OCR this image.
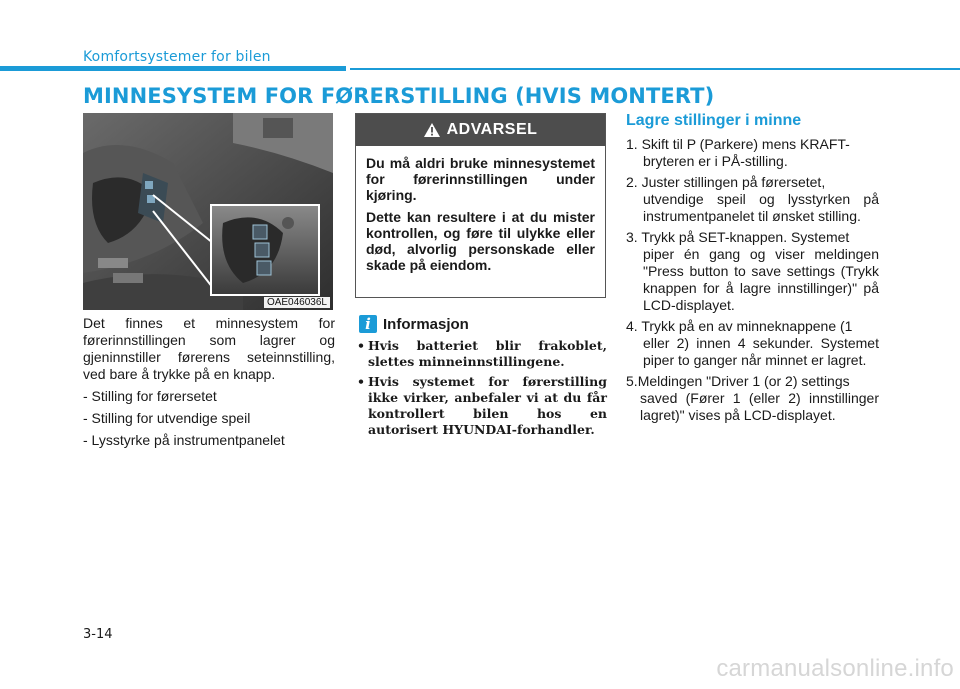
Komfortsystemer for bilen
MINNESYSTEM FOR FØRERSTILLING (HVIS MONTERT)
OAE046036L

Det finnes et minnesystem for førerinnstillingen som lagrer og gjeninnstiller førerens seteinnstilling, ved bare å trykke på en knapp.

- Stilling for førersetet
- Stilling for utvendige speil
- Lysstyrke på instrumentpanelet
ADVARSEL

Du må aldri bruke minnesystemet for førerinnstillingen under kjøring.

Dette kan resultere i at du mister kontrollen, og føre til ulykke eller død, alvorlig personskade eller skade på eiendom.

i Informasjon
• Hvis batteriet blir frakoblet, slettes minneinnstillingene.
• Hvis systemet for førerstilling ikke virker, anbefaler vi at du får kontrollert bilen hos en autorisert HYUNDAI-forhandler.
Lagre stillinger i minne
1. Skift til P (Parkere) mens KRAFT-
bryteren er i PÅ-stilling.
2. Juster stillingen på førersetet,
utvendige speil og lysstyrken på instrumentpanelet til ønsket stilling.
3. Trykk på SET-knappen. Systemet
piper én gang og viser meldingen "Press button to save settings (Trykk knappen for å lagre innstillinger)" på LCD-displayet.
4. Trykk på en av minneknappene (1
eller 2) innen 4 sekunder. Systemet piper to ganger når minnet er lagret.
5.Meldingen "Driver 1 (or 2) settings
saved (Fører 1 (eller 2) innstillinger lagret)" vises på LCD-displayet.
3-14
carmanualsonline.info
